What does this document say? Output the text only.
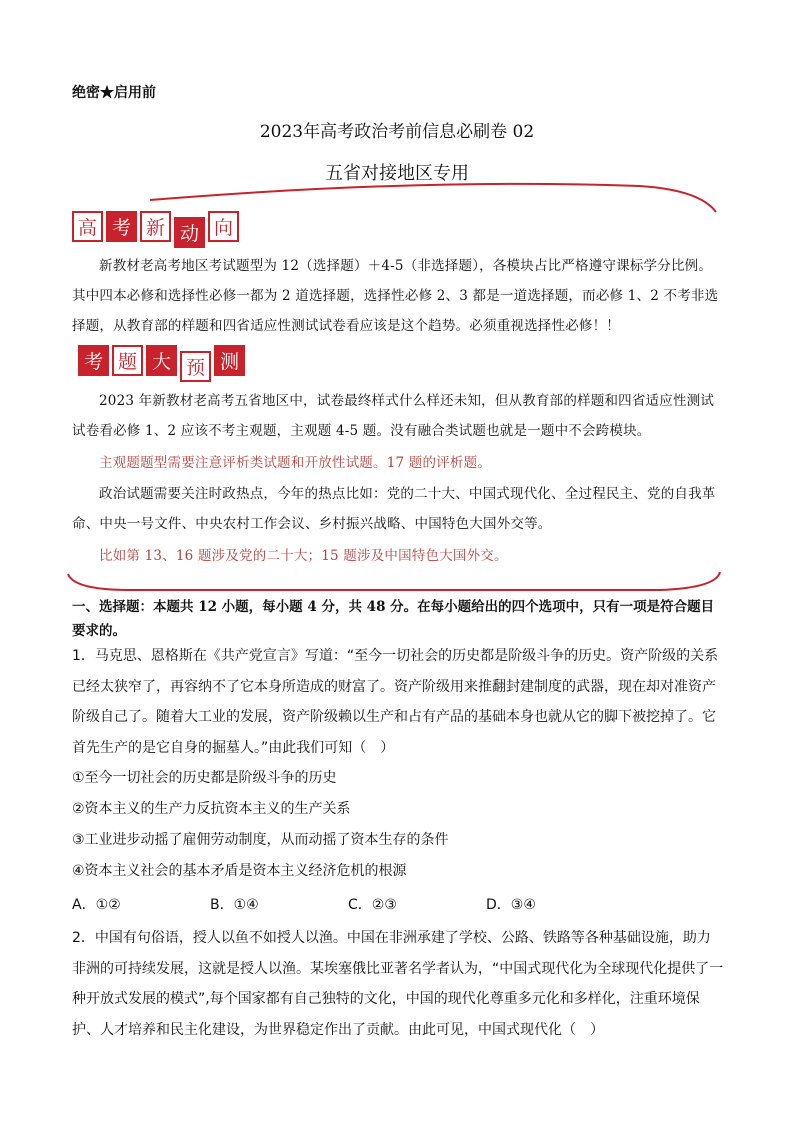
绝密★启用前
2023年高考政治考前信息必刷卷 02
五省对接地区专用
高 考 新 动 向
新教材老高考地区考试题型为 12（选择题）＋4-5（非选择题），各模块占比严格遵守课标学分比例。其中四本必修和选择性必修一都为 2 道选择题，选择性必修 2、3 都是一道选择题，而必修 1、2 不考非选择题，从教育部的样题和四省适应性测试试卷看应该是这个趋势。必须重视选择性必修！！
考 题 大 预 测
2023 年新教材老高考五省地区中，试卷最终样式什么样还未知，但从教育部的样题和四省适应性测试试卷看必修 1、2 应该不考主观题，主观题 4-5 题。没有融合类试题也就是一题中不会跨模块。
主观题题型需要注意评析类试题和开放性试题。17 题的评析题。
政治试题需要关注时政热点，今年的热点比如：党的二十大、中国式现代化、全过程民主、党的自我革命、中央一号文件、中央农村工作会议、乡村振兴战略、中国特色大国外交等。
比如第 13、16 题涉及党的二十大；15 题涉及中国特色大国外交。
一、选择题：本题共 12 小题，每小题 4 分，共 48 分。在每小题给出的四个选项中，只有一项是符合题目要求的。
1．马克思、恩格斯在《共产党宣言》写道：“至今一切社会的历史都是阶级斗争的历史。资产阶级的关系已经太狭窄了，再容纳不了它本身所造成的财富了。资产阶级用来推翻封建制度的武器，现在却对准资产阶级自己了。随着大工业的发展，资产阶级赖以生产和占有产品的基础本身也就从它的脚下被挖掉了。它首先生产的是它自身的掘墓人。”由此我们可知（　）
①至今一切社会的历史都是阶级斗争的历史
②资本主义的生产力反抗资本主义的生产关系
③工业进步动摇了雇佣劳动制度，从而动摇了资本生存的条件
④资本主义社会的基本矛盾是资本主义经济危机的根源
A．①②	B．①④	C．②③	D．③④
2．中国有句俗语，授人以鱼不如授人以渔。中国在非洲承建了学校、公路、铁路等各种基础设施，助力非洲的可持续发展，这就是授人以渔。某埃塞俄比亚著名学者认为，“中国式现代化为全球现代化提供了一种开放式发展的模式”,每个国家都有自己独特的文化，中国的现代化尊重多元化和多样化，注重环境保护、人才培养和民主化建设，为世界稳定作出了贡献。由此可见，中国式现代化（　）
